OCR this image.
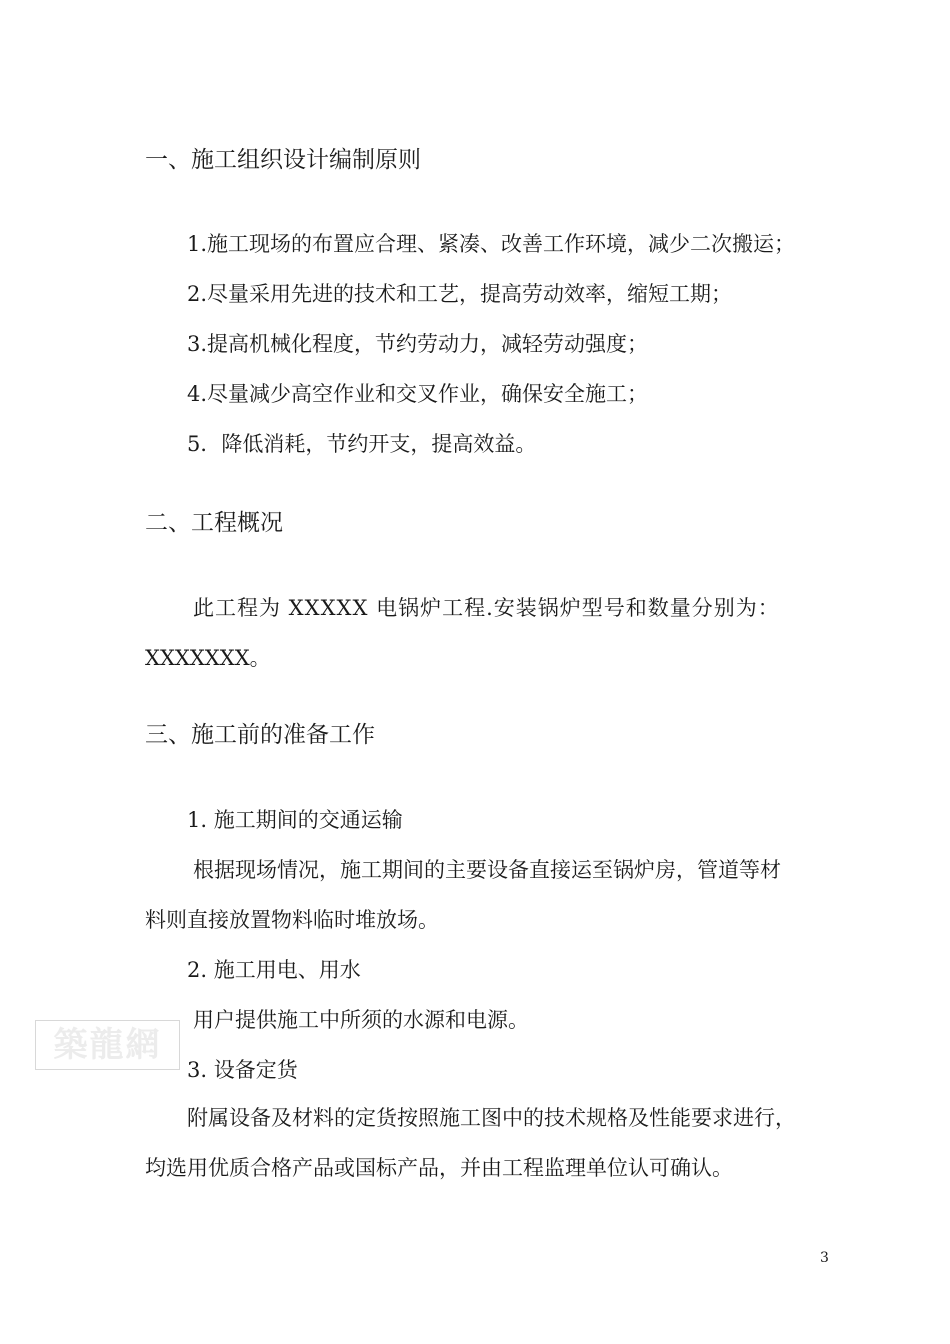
一、施工组织设计编制原则
1.施工现场的布置应合理、紧凑、改善工作环境，减少二次搬运；
2.尽量采用先进的技术和工艺，提高劳动效率，缩短工期；
3.提高机械化程度，节约劳动力，减轻劳动强度；
4.尽量减少高空作业和交叉作业，确保安全施工；
5．降低消耗，节约开支，提高效益。
二、工程概况
此工程为 XXXXX 电锅炉工程.安装锅炉型号和数量分别为：
XXXXXXX。
三、施工前的准备工作
1. 施工期间的交通运输
根据现场情况，施工期间的主要设备直接运至锅炉房，管道等材
料则直接放置物料临时堆放场。
2. 施工用电、用水
用户提供施工中所须的水源和电源。
3. 设备定货
附属设备及材料的定货按照施工图中的技术规格及性能要求进行，
均选用优质合格产品或国标产品，并由工程监理单位认可确认。
築龍網
3
